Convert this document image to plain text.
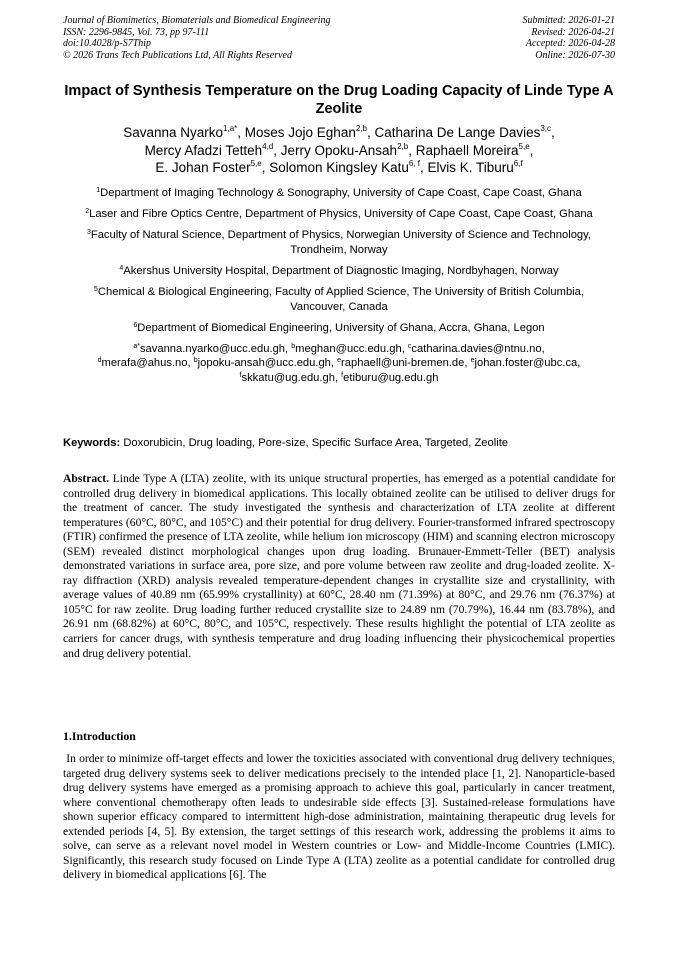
Journal of Biomimetics, Biomaterials and Biomedical Engineering
ISSN: 2296-9845, Vol. 73, pp 97-111
doi:10.4028/p-S7Thip
© 2026 Trans Tech Publications Ltd, All Rights Reserved
Submitted: 2026-01-21
Revised: 2026-04-21
Accepted: 2026-04-28
Online: 2026-07-30
Impact of Synthesis Temperature on the Drug Loading Capacity of Linde Type A Zeolite
Savanna Nyarko$^{1,a*}$, Moses Jojo Eghan$^{2,b}$, Catharina De Lange Davies$^{3,c}$,
Mercy Afadzi Tetteh$^{4,d}$, Jerry Opoku-Ansah$^{2,b}$, Raphaell Moreira$^{5,e}$,
E. Johan Foster$^{5,e}$, Solomon Kingsley Katu$^{6, f}$, Elvis K. Tiburu$^{6,f}$
$^1$Department of Imaging Technology & Sonography, University of Cape Coast, Cape Coast, Ghana
$^2$Laser and Fibre Optics Centre, Department of Physics, University of Cape Coast, Cape Coast, Ghana
$^3$Faculty of Natural Science, Department of Physics, Norwegian University of Science and Technology, Trondheim, Norway
$^4$Akershus University Hospital, Department of Diagnostic Imaging, Nordbyhagen, Norway
$^5$Chemical & Biological Engineering, Faculty of Applied Science, The University of British Columbia, Vancouver, Canada
$^6$Department of Biomedical Engineering, University of Ghana, Accra, Ghana, Legon
$^{a*}$savanna.nyarko@ucc.edu.gh, $^b$meghan@ucc.edu.gh, $^c$catharina.davies@ntnu.no,
$^d$merafa@ahus.no, $^b$jopoku-ansah@ucc.edu.gh, $^e$raphaell@uni-bremen.de, $^e$johan.foster@ubc.ca,
$^f$skkatu@ug.edu.gh, $^f$etiburu@ug.edu.gh
Keywords: Doxorubicin, Drug loading, Pore-size, Specific Surface Area, Targeted, Zeolite
Abstract. Linde Type A (LTA) zeolite, with its unique structural properties, has emerged as a potential candidate for controlled drug delivery in biomedical applications. This locally obtained zeolite can be utilised to deliver drugs for the treatment of cancer. The study investigated the synthesis and characterization of LTA zeolite at different temperatures (60°C, 80°C, and 105°C) and their potential for drug delivery. Fourier-transformed infrared spectroscopy (FTIR) confirmed the presence of LTA zeolite, while helium ion microscopy (HIM) and scanning electron microscopy (SEM) revealed distinct morphological changes upon drug loading. Brunauer-Emmett-Teller (BET) analysis demonstrated variations in surface area, pore size, and pore volume between raw zeolite and drug-loaded zeolite. X-ray diffraction (XRD) analysis revealed temperature-dependent changes in crystallite size and crystallinity, with average values of 40.89 nm (65.99% crystallinity) at 60°C, 28.40 nm (71.39%) at 80°C, and 29.76 nm (76.37%) at 105°C for raw zeolite. Drug loading further reduced crystallite size to 24.89 nm (70.79%), 16.44 nm (83.78%), and 26.91 nm (68.82%) at 60°C, 80°C, and 105°C, respectively. These results highlight the potential of LTA zeolite as carriers for cancer drugs, with synthesis temperature and drug loading influencing their physicochemical properties and drug delivery potential.
1.Introduction
In order to minimize off-target effects and lower the toxicities associated with conventional drug delivery techniques, targeted drug delivery systems seek to deliver medications precisely to the intended place [1, 2]. Nanoparticle-based drug delivery systems have emerged as a promising approach to achieve this goal, particularly in cancer treatment, where conventional chemotherapy often leads to undesirable side effects [3]. Sustained-release formulations have shown superior efficacy compared to intermittent high-dose administration, maintaining therapeutic drug levels for extended periods [4, 5]. By extension, the target settings of this research work, addressing the problems it aims to solve, can serve as a relevant novel model in Western countries or Low- and Middle-Income Countries (LMIC). Significantly, this research study focused on Linde Type A (LTA) zeolite as a potential candidate for controlled drug delivery in biomedical applications [6]. The
